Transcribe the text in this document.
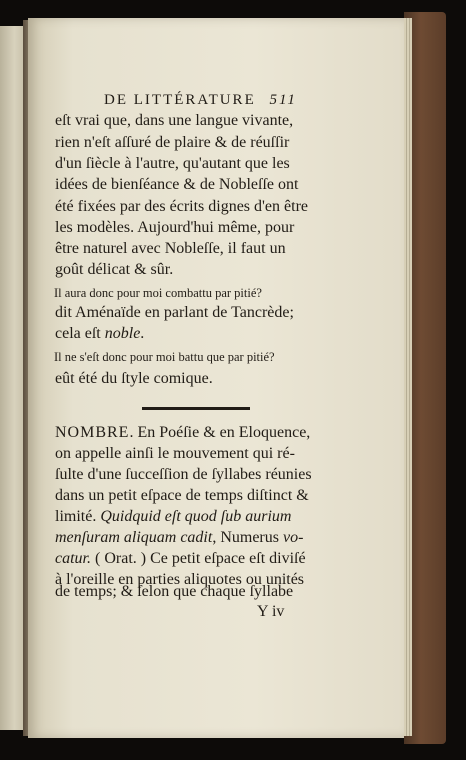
DE LITTÉRATURE 511
eſt vrai que, dans une langue vivante,
rien n'eſt aſſuré de plaire & de réuſſir
d'un ſiècle à l'autre, qu'autant que les
idées de bienſéance & de Nobleſſe ont
été fixées par des écrits dignes d'en être
les modèles. Aujourd'hui même, pour
être naturel avec Nobleſſe, il faut un
goût délicat & sûr.
Il aura donc pour moi combattu par pitié?
dit Aménaïde en parlant de Tancrède;
cela eſt noble.
Il ne s'eſt donc pour moi battu que par pitié?
eût été du ſtyle comique.
NOMBRE. En Poéſie & en Eloquence,
on appelle ainſi le mouvement qui ré-
ſulte d'une ſucceſſion de ſyllabes réunies
dans un petit eſpace de temps diſtinct &
limité. Quidquid eſt quod ſub aurium
menſuram aliquam cadit, Numerus vo-
catur. ( Orat. ) Ce petit eſpace eſt diviſé
à l'oreille en parties aliquotes ou unités
de temps; & ſelon que chaque ſyllabe
Y iv
